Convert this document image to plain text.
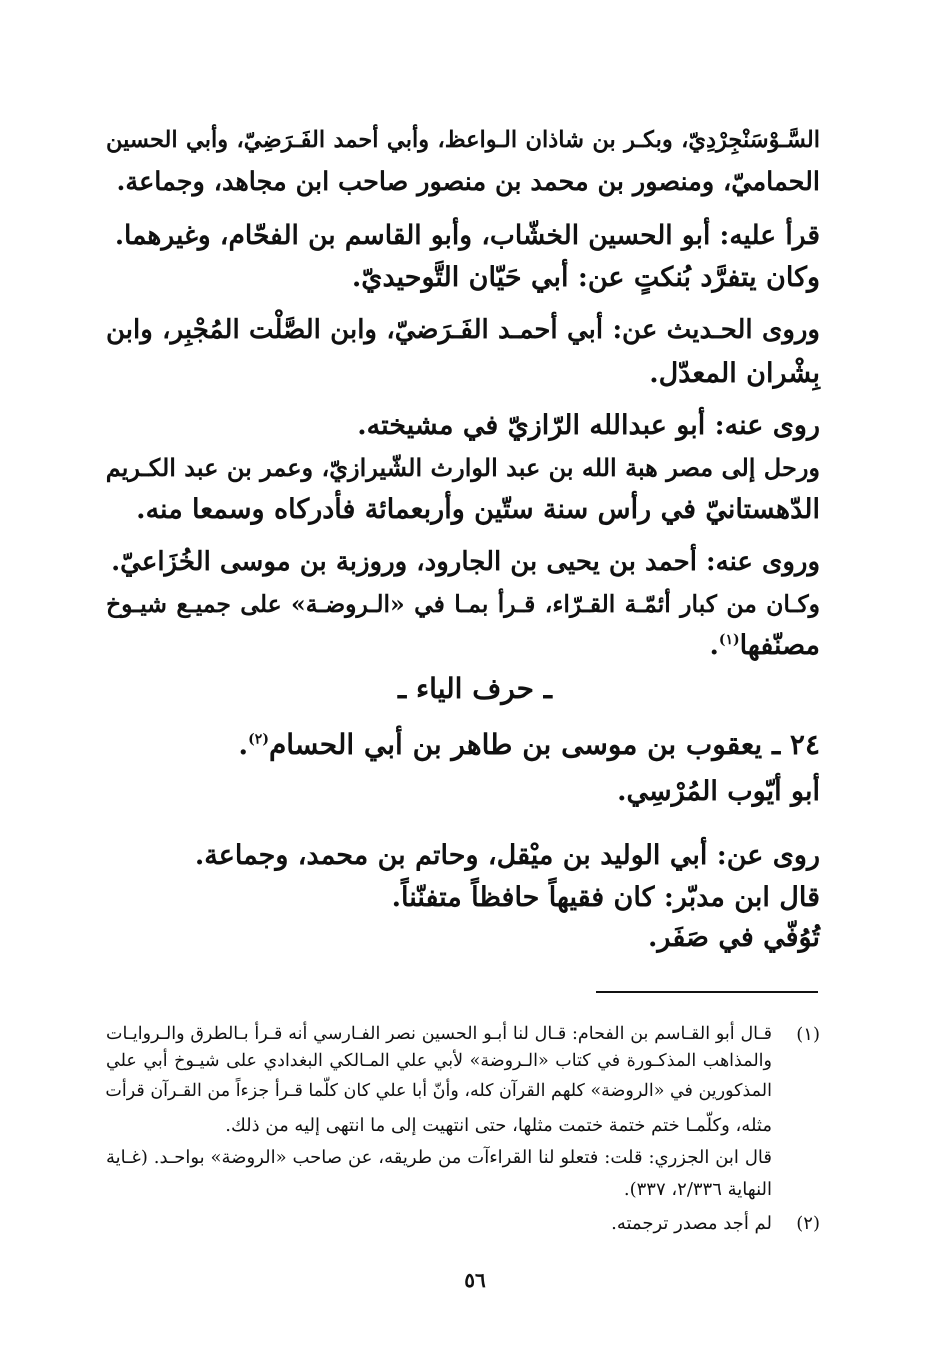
السَّـوْسَنْجِرْدِيّ، وبكـر بن شاذان الـواعظ، وأبي أحمد الفَـرَضِيّ، وأبي الحسين
الحماميّ، ومنصور بن محمد بن منصور صاحب ابن مجاهد، وجماعة.
قرأ عليه: أبو الحسين الخشّاب، وأبو القاسم بن الفحّام، وغيرهما.
وكان يتفرَّد بُنكتٍ عن: أبي حَيّان التَّوحيديّ.
وروى الحـديث عن: أبي أحمـد الفَـرَضيّ، وابن الصَّلْت المُجْبِر، وابن
بِشْران المعدّل.
روى عنه: أبو عبدالله الرّازيّ في مشيخته.
ورحل إلى مصر هبة الله بن عبد الوارث الشّيرازيّ، وعمر بن عبد الكـريم
الدّهستانيّ في رأس سنة ستّين وأربعمائة فأدركاه وسمعا منه.
وروى عنه: أحمد بن يحيى بن الجارود، وروزبة بن موسى الخُزَاعيّ.
وكـان من كبار أئمّـة القـرّاء، قـرأ بمـا في «الـروضـة» على جميـع شيـوخ
مصنّفها$^{(١)}$.
ـ حرف الياء ـ
٢٤ ـ يعقوب بن موسى بن طاهر بن أبي الحسام$^{(٢)}$.
أبو أيّوب المُرْسِي.
روى عن: أبي الوليد بن ميْقل، وحاتم بن محمد، وجماعة.
قال ابن مدبّر: كان فقيهاً حافظاً متفنّناً.
تُوُفّي في صَفَر.
(١)
قـال أبو القـاسم بن الفحام: قـال لنا أبـو الحسين نصر الفـارسي أنه قـرأ بـالطرق والـروايـات
والمذاهب المذكـورة في كتاب «الـروضة» لأبي علي المـالكي البغدادي على شيـوخ أبي علي
المذكورين في «الروضة» كلهم القرآن كله، وأنّ أبا علي كان كلّما قـرأ جزءاً من القـرآن قرأت
مثله، وكلّمـا ختم ختمة ختمت مثلها، حتى انتهيت إلى ما انتهى إليه من ذلك.
قال ابن الجزري: قلت: فتعلو لنا القراءآت من طريقه، عن صاحب «الروضة» بواحـد. (غـاية
النهاية ٢/٣٣٦، ٣٣٧).
(٢)
لم أجد مصدر ترجمته.
٥٦
